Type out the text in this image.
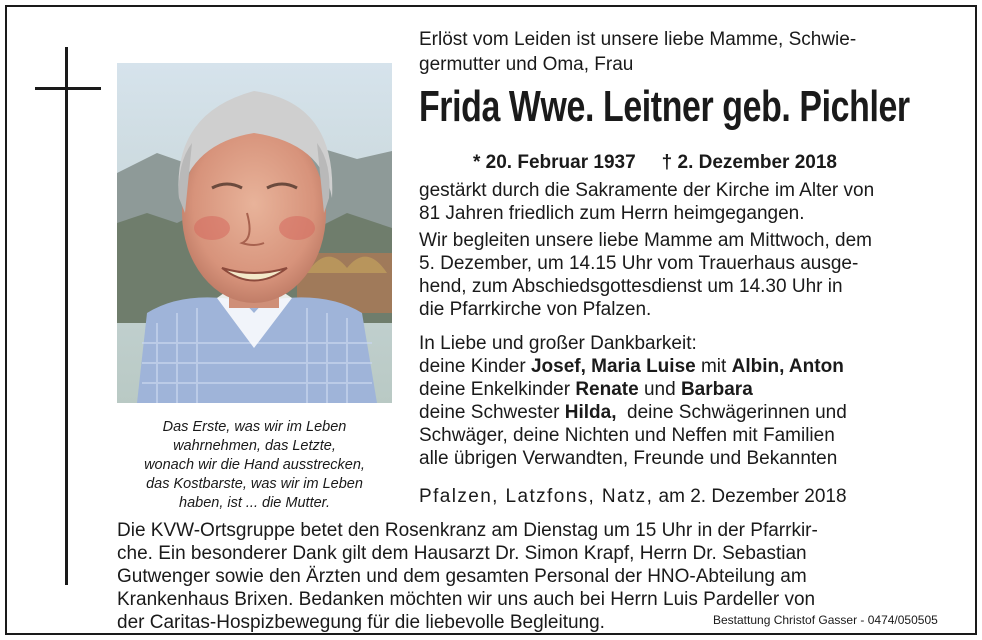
Das Erste, was wir im Leben
wahrnehmen, das Letzte,
wonach wir die Hand ausstrecken,
das Kostbarste, was wir im Leben
haben, ist ... die Mutter.
Erlöst vom Leiden ist unsere liebe Mamme, Schwie-
germutter und Oma, Frau
Frida Wwe. Leitner geb. Pichler
* 20. Februar 1937 † 2. Dezember 2018
gestärkt durch die Sakramente der Kirche im Alter von
81 Jahren friedlich zum Herrn heimgegangen.
Wir begleiten unsere liebe Mamme am Mittwoch, dem
5. Dezember, um 14.15 Uhr vom Trauerhaus ausge-
hend, zum Abschiedsgottesdienst um 14.30 Uhr in
die Pfarrkirche von Pfalzen.
In Liebe und großer Dankbarkeit:
deine Kinder Josef, Maria Luise mit Albin, Anton
deine Enkelkinder Renate und Barbara
deine Schwester Hilda,  deine Schwägerinnen und
Schwäger, deine Nichten und Neffen mit Familien
alle übrigen Verwandten, Freunde und Bekannten
Pfalzen, Latzfons, Natz, am 2. Dezember 2018
Die KVW-Ortsgruppe betet den Rosenkranz am Dienstag um 15 Uhr in der Pfarrkir-
che. Ein besonderer Dank gilt dem Hausarzt Dr. Simon Krapf, Herrn Dr. Sebastian
Gutwenger sowie den Ärzten und dem gesamten Personal der HNO-Abteilung am
Krankenhaus Brixen. Bedanken möchten wir uns auch bei Herrn Luis Pardeller von
der Caritas-Hospizbewegung für die liebevolle Begleitung.	Bestattung Christof Gasser - 0474/050505
